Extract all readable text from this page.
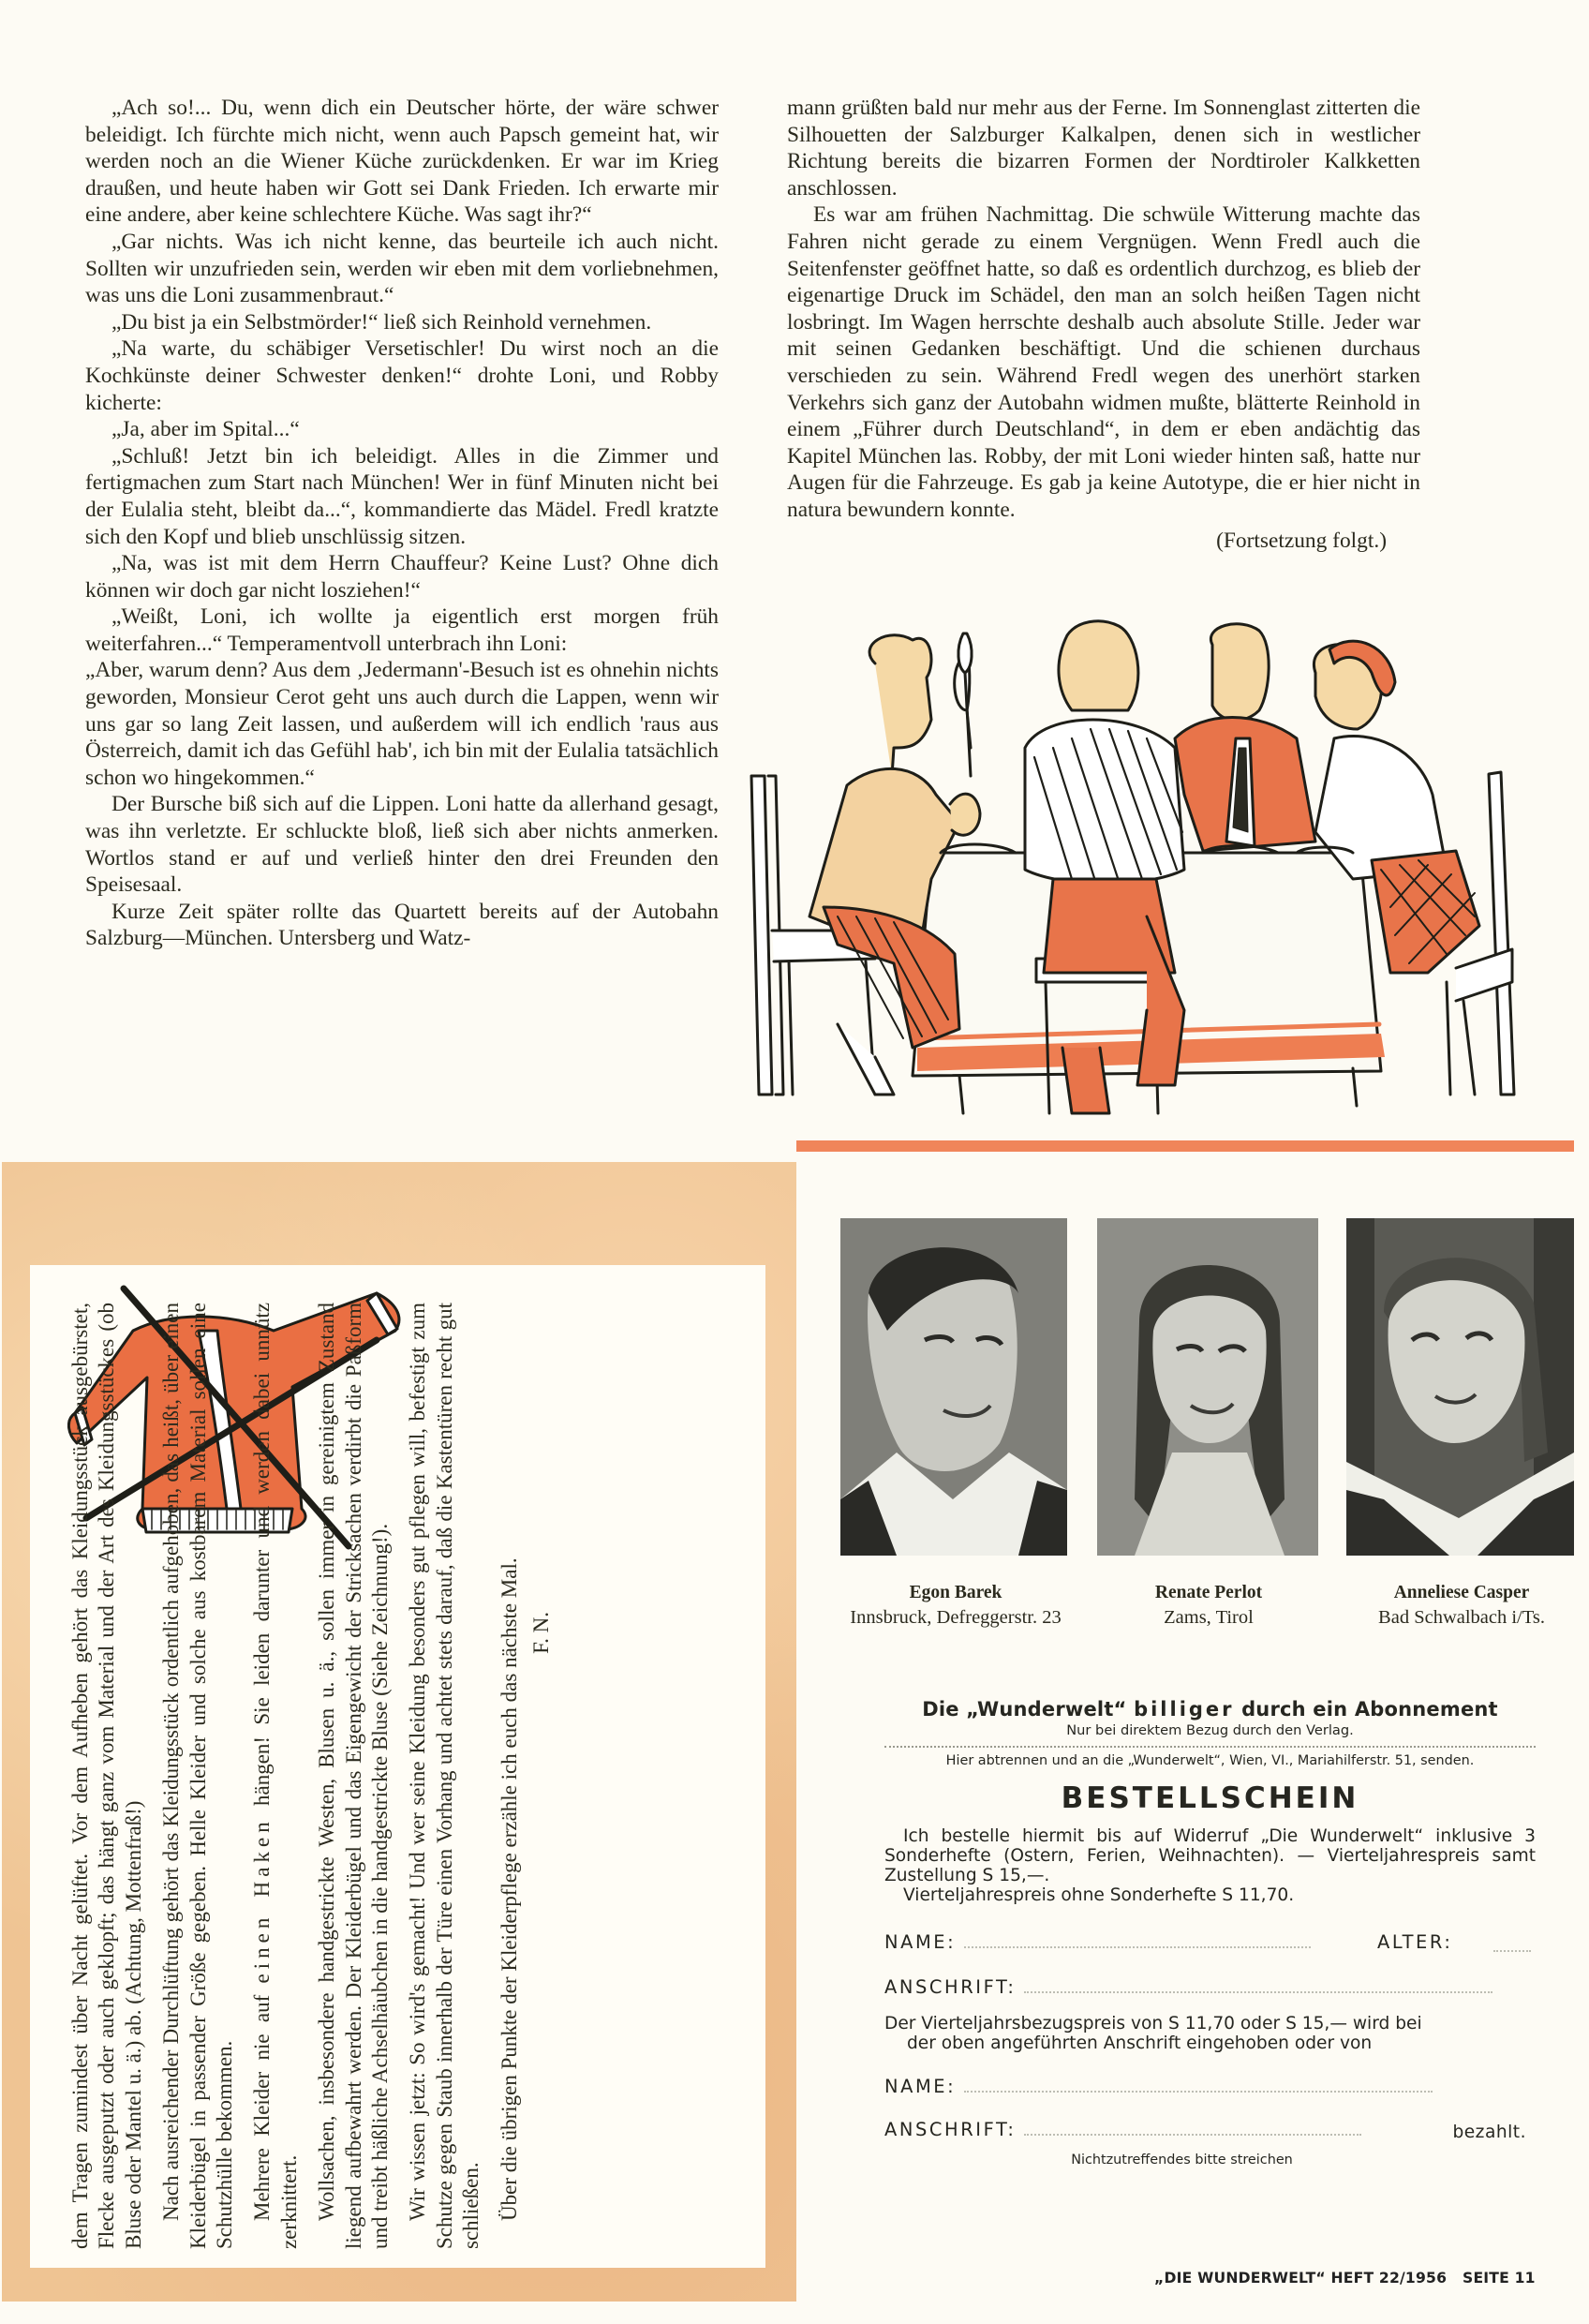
„Ach so!... Du, wenn dich ein Deutscher hörte, der wäre schwer beleidigt. Ich fürchte mich nicht, wenn auch Papsch gemeint hat, wir werden noch an die Wiener Küche zurückdenken. Er war im Krieg draußen, und heute haben wir Gott sei Dank Frieden. Ich erwarte mir eine andere, aber keine schlechtere Küche. Was sagt ihr?“

„Gar nichts. Was ich nicht kenne, das beurteile ich auch nicht. Sollten wir unzufrieden sein, werden wir eben mit dem vorliebnehmen, was uns die Loni zusammenbraut.“

„Du bist ja ein Selbstmörder!“ ließ sich Reinhold vernehmen.

„Na warte, du schäbiger Versetischler! Du wirst noch an die Kochkünste deiner Schwester denken!“ drohte Loni, und Robby kicherte:

„Ja, aber im Spital...“

„Schluß! Jetzt bin ich beleidigt. Alles in die Zimmer und fertigmachen zum Start nach München! Wer in fünf Minuten nicht bei der Eulalia steht, bleibt da...“, kommandierte das Mädel. Fredl kratzte sich den Kopf und blieb unschlüssig sitzen.

„Na, was ist mit dem Herrn Chauffeur? Keine Lust? Ohne dich können wir doch gar nicht losziehen!“

„Weißt, Loni, ich wollte ja eigentlich erst morgen früh weiterfahren...“ Temperamentvoll unterbrach ihn Loni:

„Aber, warum denn? Aus dem ‚Jedermann'-Besuch ist es ohnehin nichts geworden, Monsieur Cerot geht uns auch durch die Lappen, wenn wir uns gar so lang Zeit lassen, und außerdem will ich endlich 'raus aus Österreich, damit ich das Gefühl hab', ich bin mit der Eulalia tatsächlich schon wo hingekommen.“

Der Bursche biß sich auf die Lippen. Loni hatte da allerhand gesagt, was ihn verletzte. Er schluckte bloß, ließ sich aber nichts anmerken. Wortlos stand er auf und verließ hinter den drei Freunden den Speisesaal.

Kurze Zeit später rollte das Quartett bereits auf der Autobahn Salzburg—München. Untersberg und Watz-

mann grüßten bald nur mehr aus der Ferne. Im Sonnenglast zitterten die Silhouetten der Salzburger Kalkalpen, denen sich in westlicher Richtung bereits die bizarren Formen der Nordtiroler Kalkketten anschlossen.

Es war am frühen Nachmittag. Die schwüle Witterung machte das Fahren nicht gerade zu einem Vergnügen. Wenn Fredl auch die Seitenfenster geöffnet hatte, so daß es ordentlich durchzog, es blieb der eigenartige Druck im Schädel, den man an solch heißen Tagen nicht losbringt. Im Wagen herrschte deshalb auch absolute Stille. Jeder war mit seinen Gedanken beschäftigt. Und die schienen durchaus verschieden zu sein. Während Fredl wegen des unerhört starken Verkehrs sich ganz der Autobahn widmen mußte, blätterte Reinhold in einem „Führer durch Deutschland“, in dem er eben andächtig das Kapitel München las. Robby, der mit Loni wieder hinten saß, hatte nur Augen für die Fahrzeuge. Es gab ja keine Autotype, die er hier nicht in natura bewundern konnte.

(Fortsetzung folgt.)

dem Tragen zumindest über Nacht gelüftet. Vor dem Aufheben gehört das Kleidungsstück ausgebürstet, Flecke ausgeputzt oder auch geklopft; das hängt ganz vom Material und der Art des Kleidungsstückes (ob Bluse oder Mantel u. ä.) ab. (Achtung, Mottenfraß!) Nach ausreichender Durchlüftung gehört das Kleidungsstück ordentlich aufgehoben, das heißt, über einen Kleiderbügel in passender Größe gegeben. Helle Kleider und solche aus kostbarem Material sollen eine Schutzhülle bekommen. Mehrere Kleider nie auf einen Haken hängen! Sie leiden darunter und werden dabei unnütz zerknittert. Wollsachen, insbesondere handgestrickte Westen, Blusen u. ä., sollen immer in gereinigtem Zustand liegend aufbewahrt werden. Der Kleiderbügel und das Eigengewicht der Stricksachen verdirbt die Paßform und treibt häßliche Achselhäubchen in die handgestrickte Bluse (Siehe Zeichnung!). Wir wissen jetzt: So wird's gemacht! Und wer seine Kleidung besonders gut pflegen will, befestigt zum Schutze gegen Staub innerhalb der Türe einen Vorhang und achtet stets darauf, daß die Kastentüren recht gut schließen. Über die übrigen Punkte der Kleiderpflege erzähle ich euch das nächste Mal. F. N.

Egon Barek
Innsbruck, Defreggerstr. 23
Renate Perlot
Zams, Tirol
Anneliese Casper
Bad Schwalbach i/Ts.
Die „Wunderwelt“ billiger durch ein Abonnement
Nur bei direktem Bezug durch den Verlag.
Hier abtrennen und an die „Wunderwelt“, Wien, VI., Mariahilferstr. 51, senden.
BESTELLSCHEIN

Ich bestelle hiermit bis auf Widerruf „Die Wunderwelt“ inklusive 3 Sonderhefte (Ostern, Ferien, Weihnachten). — Vierteljahrespreis samt Zustellung S 15,—.

Vierteljahrespreis ohne Sonderhefte S 11,70.

NAME:	ALTER:
ANSCHRIFT:
Der Vierteljahrsbezugspreis von S 11,70 oder S 15,— wird bei
der oben angeführten Anschrift eingehoben oder von
NAME:
ANSCHRIFT:	bezahlt.
Nichtzutreffendes bitte streichen
„DIE WUNDERWELT“ HEFT 22/1956   SEITE 11
